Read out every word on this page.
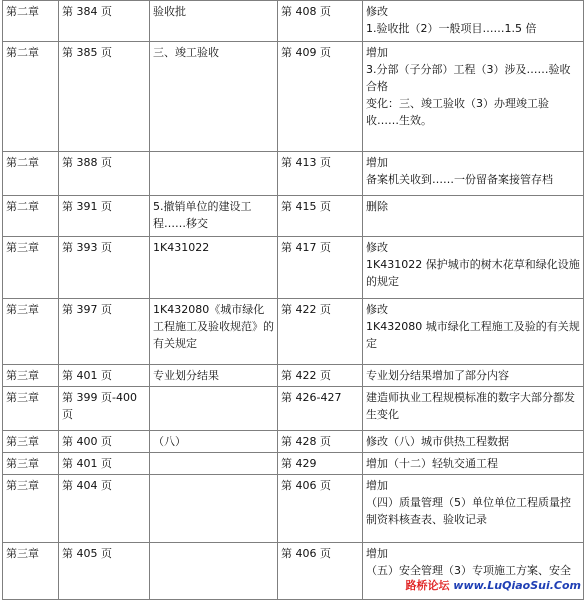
第二章	第 384 页	验收批	第 408 页	修改
1.验收批（2）一般项目……1.5 倍

第二章	第 385 页	三、竣工验收	第 409 页	增加
3.分部（子分部）工程（3）涉及……验收合格
变化：三、竣工验收（3）办理竣工验收……生效。

第二章	第 388 页		第 413 页	增加
备案机关收到……一份留备案接管存档

第二章	第 391 页	5.撤销单位的建设工程……移交	第 415 页	删除

第三章	第 393 页	1K431022	第 417 页	修改
1K431022 保护城市的树木花草和绿化设施的规定

第三章	第 397 页	1K432080《城市绿化工程施工及验收规范》的有关规定	第 422 页	修改
1K432080 城市绿化工程施工及验的有关规定

第三章	第 401 页	专业划分结果	第 422 页	专业划分结果增加了部分内容

第三章	第 399 页-400页		第 426-427	建造师执业工程规模标准的数字大部分都发生变化

第三章	第 400 页	（八）	第 428 页	修改（八）城市供热工程数据

第三章	第 401 页		第 429	增加（十二）轻轨交通工程

第三章	第 404 页		第 406 页	增加
（四）质量管理（5）单位单位工程质量控制资料核查表、验收记录

第三章	第 405 页		第 406 页	增加
（五）安全管理（3）专项施工方案、安全
路桥论坛 www.LuQiaoSui.Com
